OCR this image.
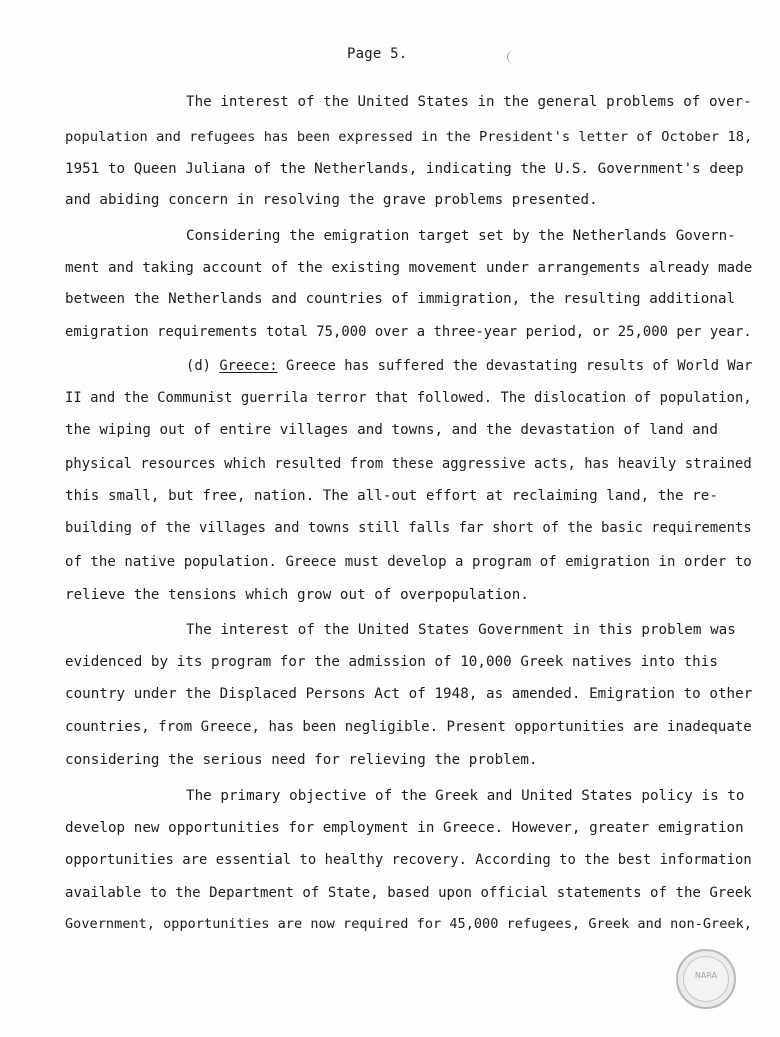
Page 5.
The interest of the United States in the general problems of over-
population and refugees has been expressed in the President's letter of October 18,
1951 to Queen Juliana of the Netherlands, indicating the U.S. Government's deep
and abiding concern in resolving the grave problems presented.
Considering the emigration target set by the Netherlands Govern-
ment and taking account of the existing movement under arrangements already made
between the Netherlands and countries of immigration, the resulting additional
emigration requirements total 75,000 over a three-year period, or 25,000 per year.
(d) Greece: Greece has suffered the devastating results of World War
II and the Communist guerrila terror that followed. The dislocation of population,
the wiping out of entire villages and towns, and the devastation of land and
physical resources which resulted from these aggressive acts, has heavily strained
this small, but free, nation. The all-out effort at reclaiming land, the re-
building of the villages and towns still falls far short of the basic requirements
of the native population. Greece must develop a program of emigration in order to
relieve the tensions which grow out of overpopulation.
The interest of the United States Government in this problem was
evidenced by its program for the admission of 10,000 Greek natives into this
country under the Displaced Persons Act of 1948, as amended. Emigration to other
countries, from Greece, has been negligible. Present opportunities are inadequate
considering the serious need for relieving the problem.
The primary objective of the Greek and United States policy is to
develop new opportunities for employment in Greece. However, greater emigration
opportunities are essential to healthy recovery. According to the best information
available to the Department of State, based upon official statements of the Greek
Government, opportunities are now required for 45,000 refugees, Greek and non-Greek,
NARA
